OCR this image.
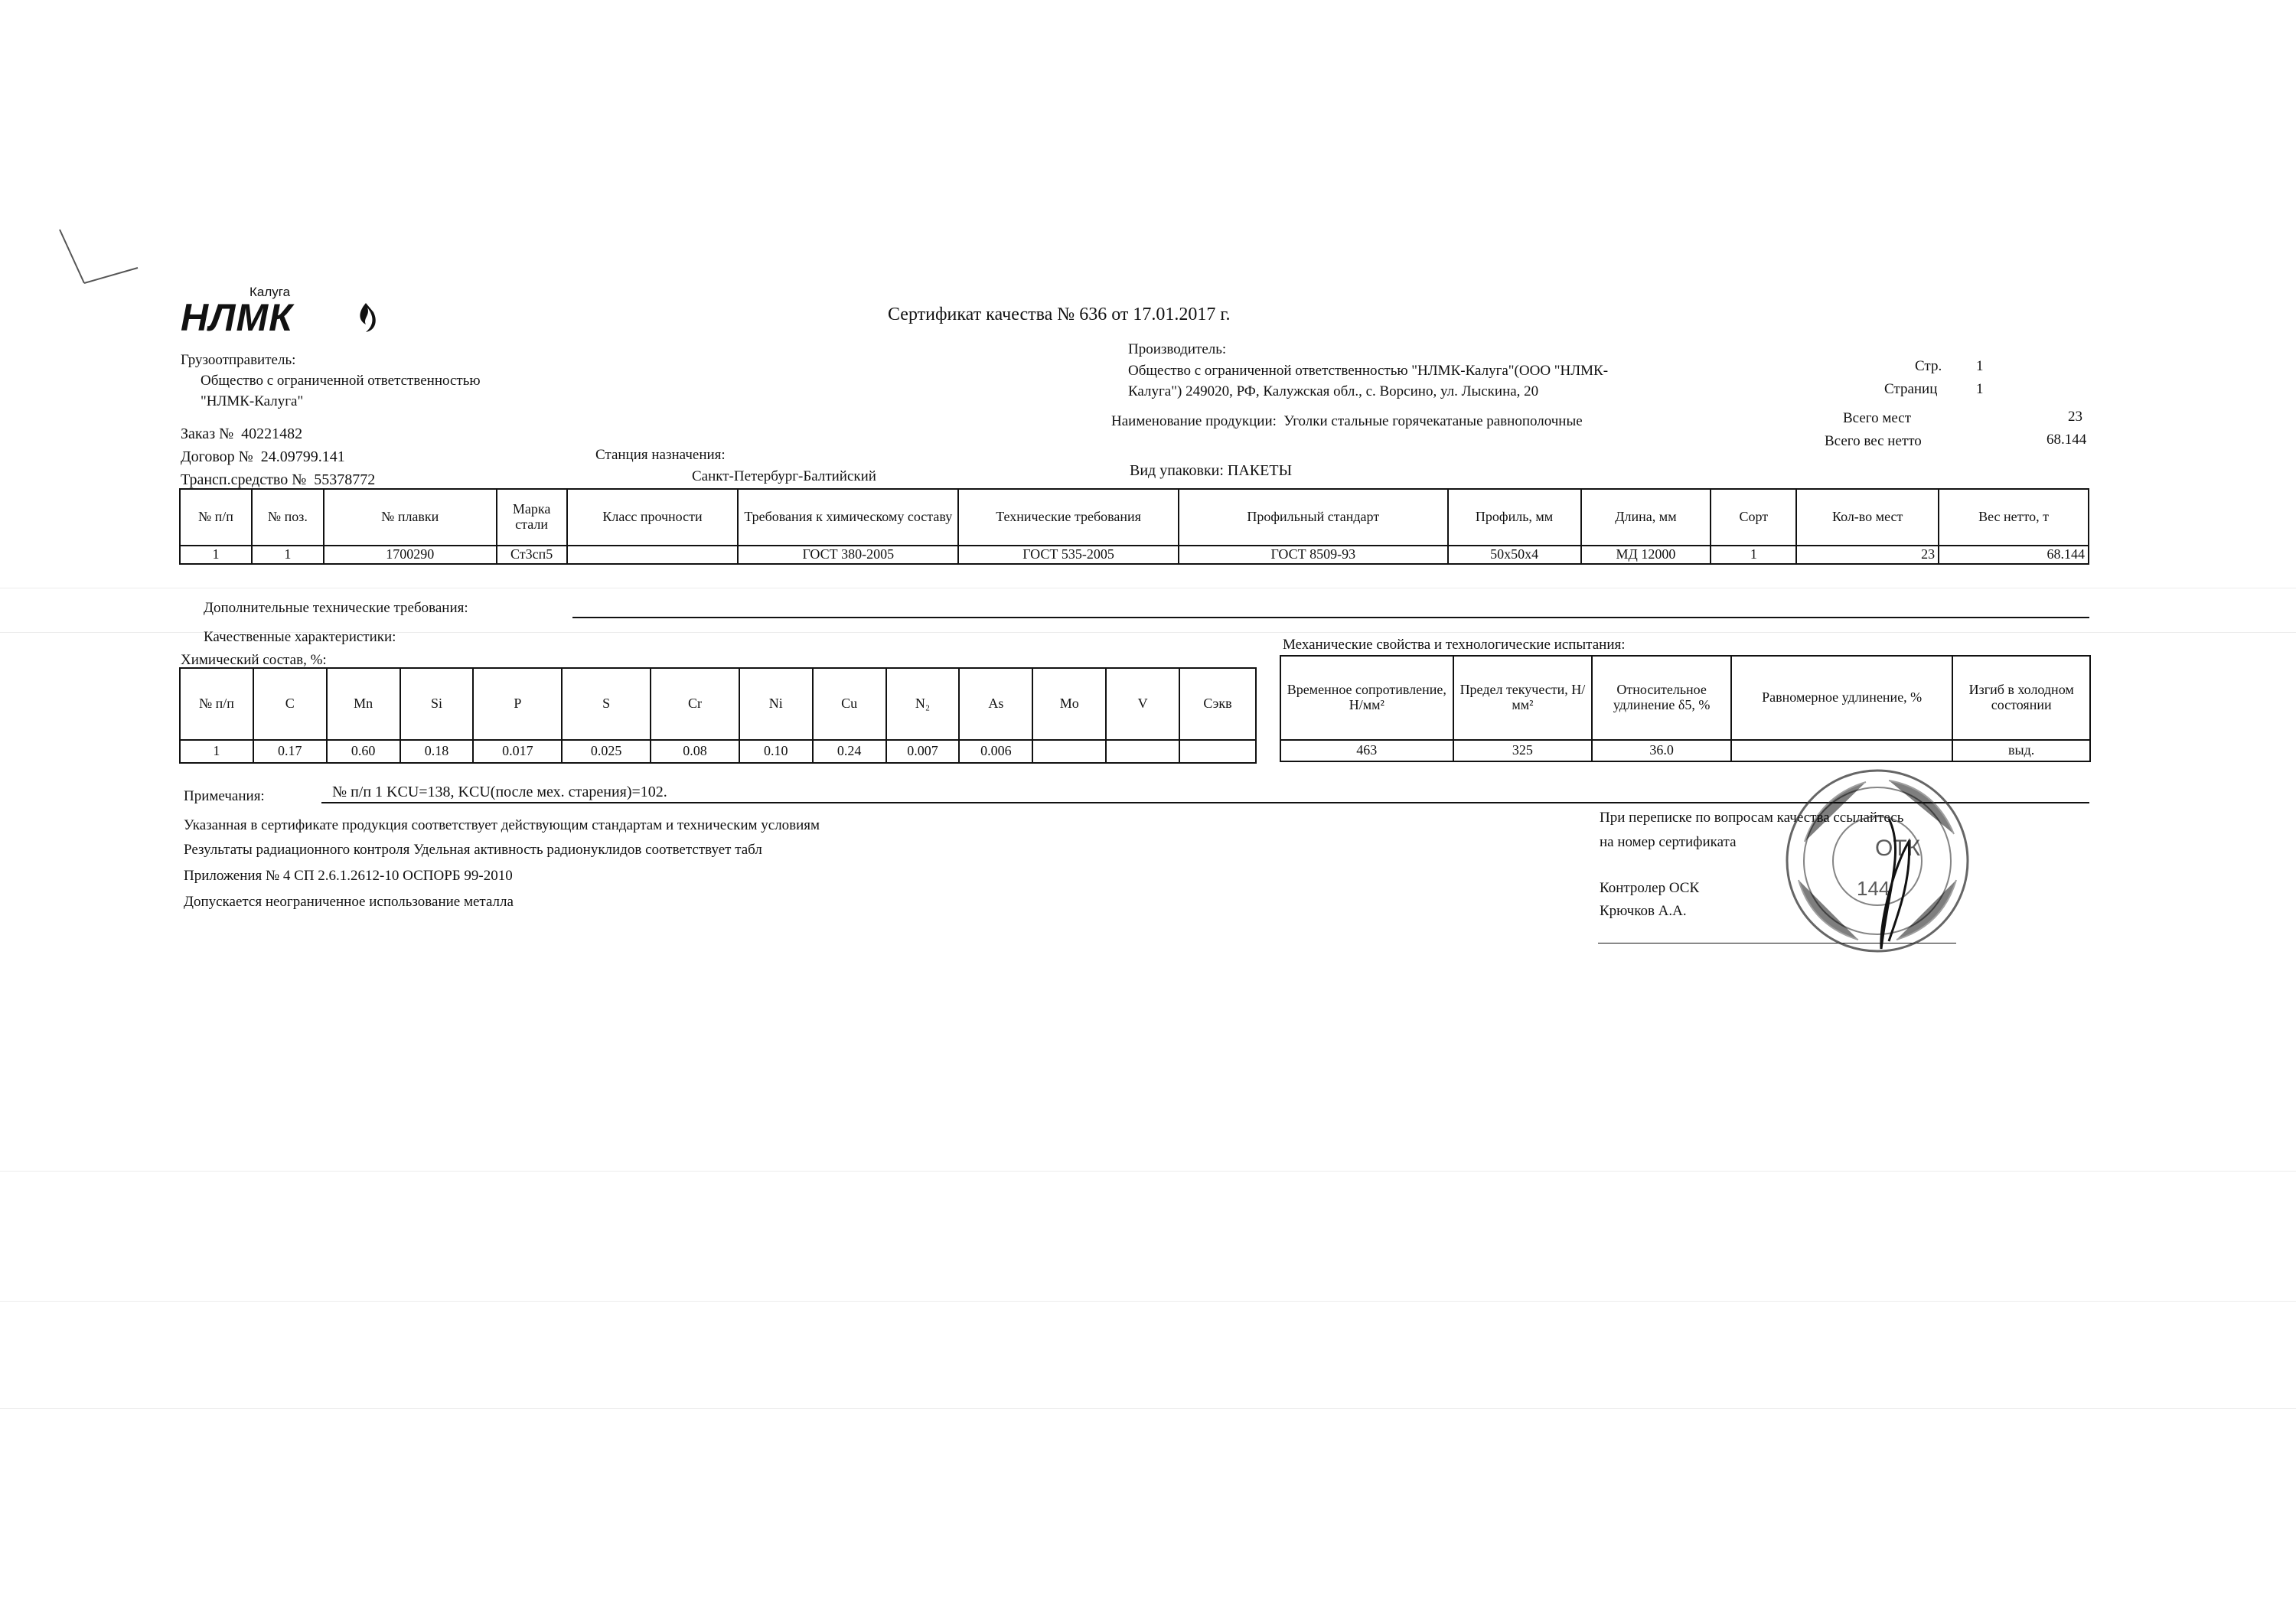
Калуга
НЛМК	Сертификат качества № 636 от 17.01.2017 г.
Грузоотправитель:
Общество с ограниченной ответственностью
"НЛМК-Калуга"
Заказ № 40221482
Договор № 24.09799.141
Трансп.средство № 55378772
Станция назначения:
Санкт-Петербург-Балтийский
Производитель:
Общество с ограниченной ответственностью "НЛМК-Калуга"(ООО "НЛМК-
Калуга") 249020, РФ, Калужская обл., с. Ворсино, ул. Лыскина, 20
Наименование продукции: Уголки стальные горячекатаные равнополочные
Вид упаковки: ПАКЕТЫ
Стр. 1
Страниц	1
Всего мест	23
Всего вес нетто	68.144
№ п/п	№ поз.	№ плавки	Марка стали	Класс прочности	Требования к химическому составу	Технические требования	Профильный стандарт	Профиль, мм	Длина, мм	Сорт	Кол-во мест	Вес нетто, т
1	1	1700290	Ст3сп5		ГОСТ 380-2005	ГОСТ 535-2005	ГОСТ 8509-93	50х50х4	МД 12000	1	23	68.144
Дополнительные технические требования:
Качественные характеристики:
Химический состав, %:
Механические свойства и технологические испытания:
№ п/п	C	Mn	Si	P	S	Cr	Ni	Cu	N₂	As	Mo	V	Сэкв
1	0.17	0.60	0.18	0.017	0.025	0.08	0.10	0.24	0.007	0.006			
Временное сопротивление, Н/мм²	Предел текучести, Н/мм²	Относительное удлинение δ5, %	Равномерное удлинение, %	Изгиб в холодном состоянии
463	325	36.0		выд.
Примечания:	№ п/п 1 KCU=138, KCU(после мех. старения)=102.
Указанная в сертификате продукция соответствует действующим стандартам и техническим условиям
Результаты радиационного контроля Удельная активность радионуклидов соответствует табл
Приложения № 4 СП 2.6.1.2612-10 ОСПОРБ 99-2010
Допускается неограниченное использование металла
При переписке по вопросам качества ссылайтесь
на номер сертификата
Контролер ОСК
Крючков А.А.
ОТК
144
